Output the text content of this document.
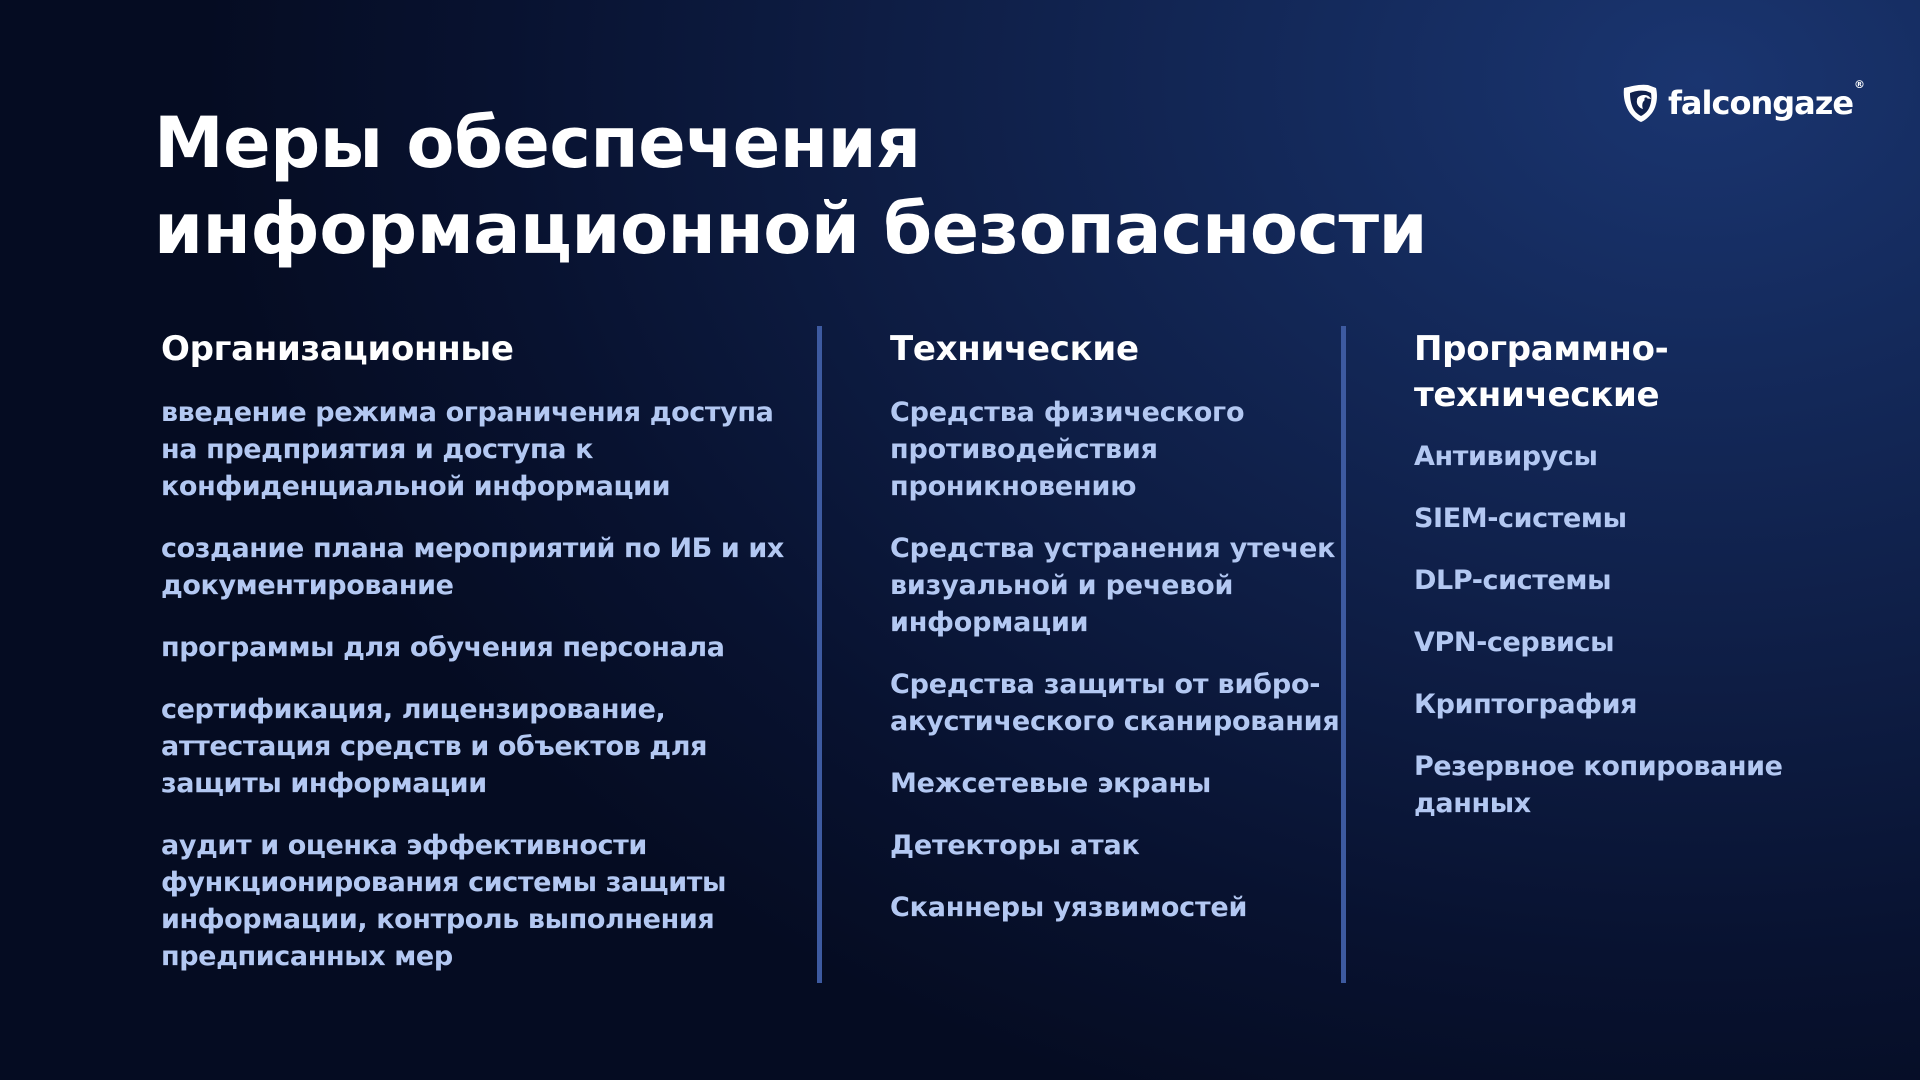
falcongaze®
Меры обеспечения
информационной безопасности
Организационные
введение режима ограничения доступа на предприятия и доступа к конфиденциальной информации
создание плана мероприятий по ИБ и их документирование
программы для обучения персонала
сертификация, лицензирование, аттестация средств и объектов для защиты информации
аудит и оценка эффективности функционирования системы защиты информации, контроль выполнения предписанных мер
Технические
Средства физического противодействия проникновению
Средства устранения утечек визуальной и речевой информации
Средства защиты от вибро-акустического сканирования
Межсетевые экраны
Детекторы атак
Сканнеры уязвимостей
Программно-технические
Антивирусы
SIEM-системы
DLP-системы
VPN-сервисы
Криптография
Резервное копирование данных
